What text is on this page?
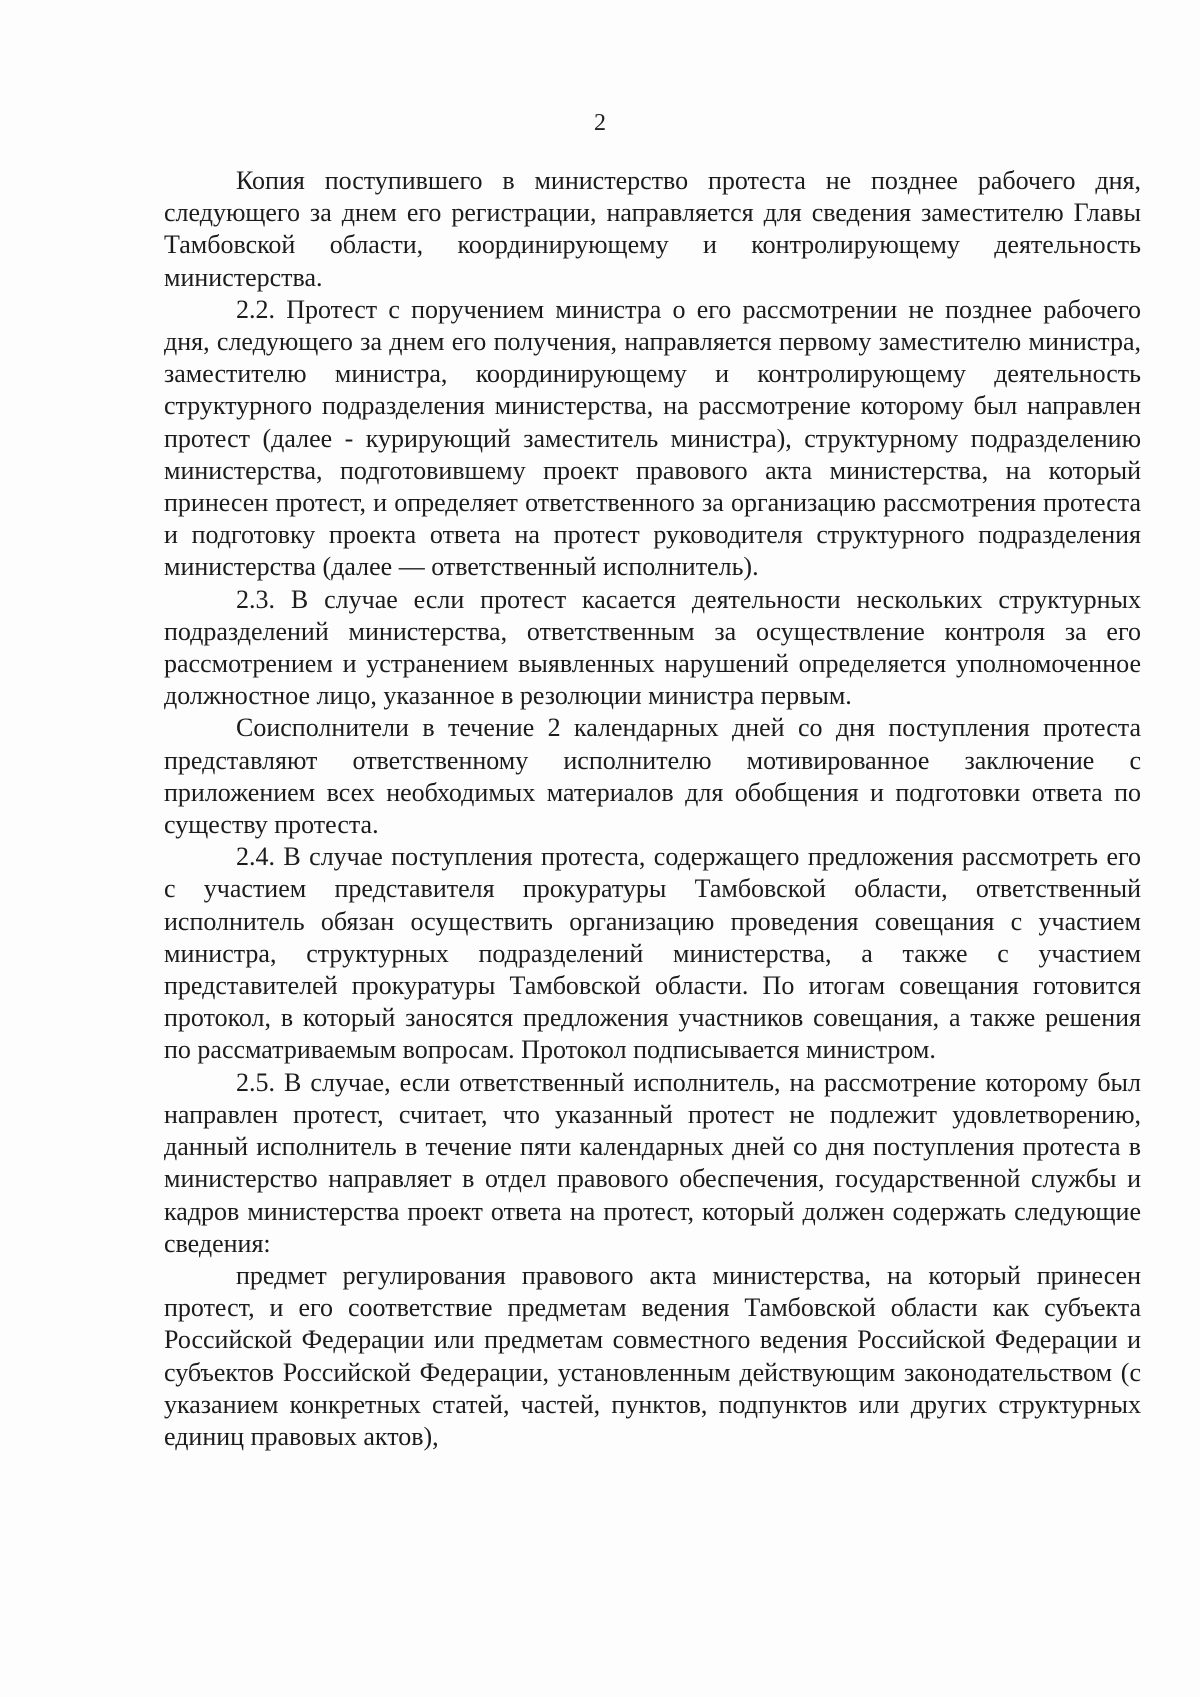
2

Копия поступившего в министерство протеста не позднее рабочего дня, следующего за днем его регистрации, направляется для сведения заместителю Главы Тамбовской области, координирующему и контролирующему деятельность министерства.

2.2. Протест с поручением министра о его рассмотрении не позднее рабочего дня, следующего за днем его получения, направляется первому заместителю министра, заместителю министра, координирующему и контролирующему деятельность структурного подразделения министерства, на рассмотрение которому был направлен протест (далее - курирующий заместитель министра), структурному подразделению министерства, подготовившему проект правового акта министерства, на который принесен протест, и определяет ответственного за организацию рассмотрения протеста и подготовку проекта ответа на протест руководителя структурного подразделения министерства (далее — ответственный исполнитель).

2.3. В случае если протест касается деятельности нескольких структурных подразделений министерства, ответственным за осуществление контроля за его рассмотрением и устранением выявленных нарушений определяется уполномоченное должностное лицо, указанное в резолюции министра первым.

Соисполнители в течение 2 календарных дней со дня поступления протеста представляют ответственному исполнителю мотивированное заключение с приложением всех необходимых материалов для обобщения и подготовки ответа по существу протеста.

2.4. В случае поступления протеста, содержащего предложения рассмотреть его с участием представителя прокуратуры Тамбовской области, ответственный исполнитель обязан осуществить организацию проведения совещания с участием министра, структурных подразделений министерства, а также с участием представителей прокуратуры Тамбовской области. По итогам совещания готовится протокол, в который заносятся предложения участников совещания, а также решения по рассматриваемым вопросам. Протокол подписывается министром.

2.5. В случае, если ответственный исполнитель, на рассмотрение которому был направлен протест, считает, что указанный протест не подлежит удовлетворению, данный исполнитель в течение пяти календарных дней со дня поступления протеста в министерство направляет в отдел правового обеспечения, государственной службы и кадров министерства проект ответа на протест, который должен содержать следующие сведения:

предмет регулирования правового акта министерства, на который принесен протест, и его соответствие предметам ведения Тамбовской области как субъекта Российской Федерации или предметам совместного ведения Российской Федерации и субъектов Российской Федерации, установленным действующим законодательством (с указанием конкретных статей, частей, пунктов, подпунктов или других структурных единиц правовых актов),
